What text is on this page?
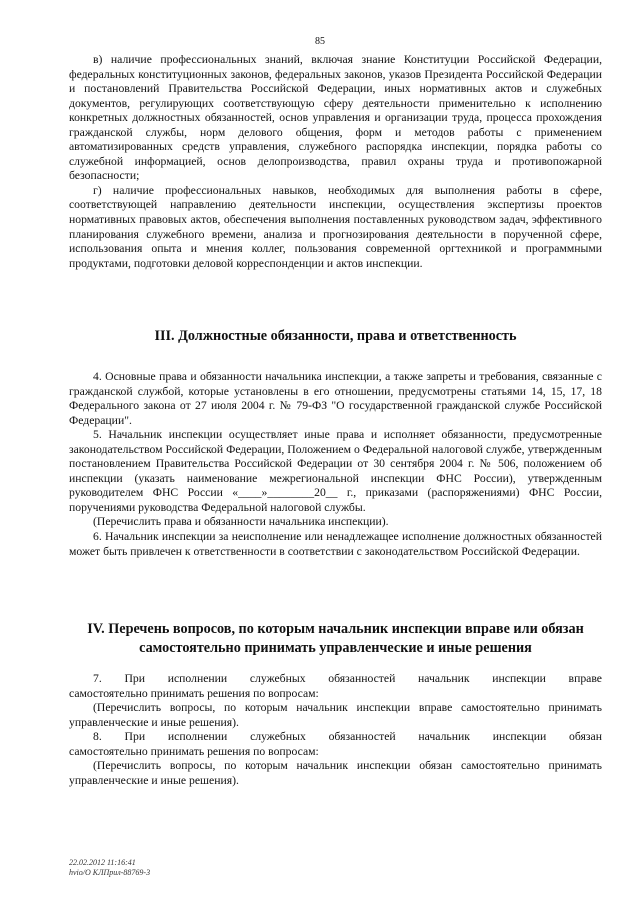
85

в) наличие профессиональных знаний, включая знание Конституции Российской Федерации, федеральных конституционных законов, федеральных законов, указов Президента Российской Федерации и постановлений Правительства Российской Федерации, иных нормативных актов и служебных документов, регулирующих соответствующую сферу деятельности применительно к исполнению конкретных должностных обязанностей, основ управления и организации труда, процесса прохождения гражданской службы, норм делового общения, форм и методов работы с применением автоматизированных средств управления, служебного распорядка инспекции, порядка работы со служебной информацией, основ делопроизводства, правил охраны труда и противопожарной безопасности;

г) наличие профессиональных навыков, необходимых для выполнения работы в сфере, соответствующей направлению деятельности инспекции, осуществления экспертизы проектов нормативных правовых актов, обеспечения выполнения поставленных руководством задач, эффективного планирования служебного времени, анализа и прогнозирования деятельности в порученной сфере, использования опыта и мнения коллег, пользования современной оргтехникой и программными продуктами, подготовки деловой корреспонденции и актов инспекции.

III. Должностные обязанности, права и ответственность

4. Основные права и обязанности начальника инспекции, а также запреты и требования, связанные с гражданской службой, которые установлены в его отношении, предусмотрены статьями 14, 15, 17, 18 Федерального закона от 27 июля 2004 г. № 79-ФЗ "О государственной гражданской службе Российской Федерации".

5. Начальник инспекции осуществляет иные права и исполняет обязанности, предусмотренные законодательством Российской Федерации, Положением о Федеральной налоговой службе, утвержденным постановлением Правительства Российской Федерации от 30 сентября 2004 г. № 506, положением об инспекции (указать наименование межрегиональной инспекции ФНС России), утвержденным руководителем ФНС России «____»________20__ г., приказами (распоряжениями) ФНС России, поручениями руководства Федеральной налоговой службы.

(Перечислить права и обязанности начальника инспекции).

6. Начальник инспекции за неисполнение или ненадлежащее исполнение должностных обязанностей может быть привлечен к ответственности в соответствии с законодательством Российской Федерации.

IV. Перечень вопросов, по которым начальник инспекции вправе или обязан самостоятельно принимать управленческие и иные решения

7. При исполнении служебных обязанностей начальник инспекции вправе

самостоятельно принимать решения по вопросам:

(Перечислить вопросы, по которым начальник инспекции вправе самостоятельно принимать управленческие и иные решения).

8. При исполнении служебных обязанностей начальник инспекции обязан

самостоятельно принимать решения по вопросам:

(Перечислить вопросы, по которым начальник инспекции обязан самостоятельно принимать управленческие и иные решения).

22.02.2012 11:16:41
hvio/O КЛПрил-88769-3
